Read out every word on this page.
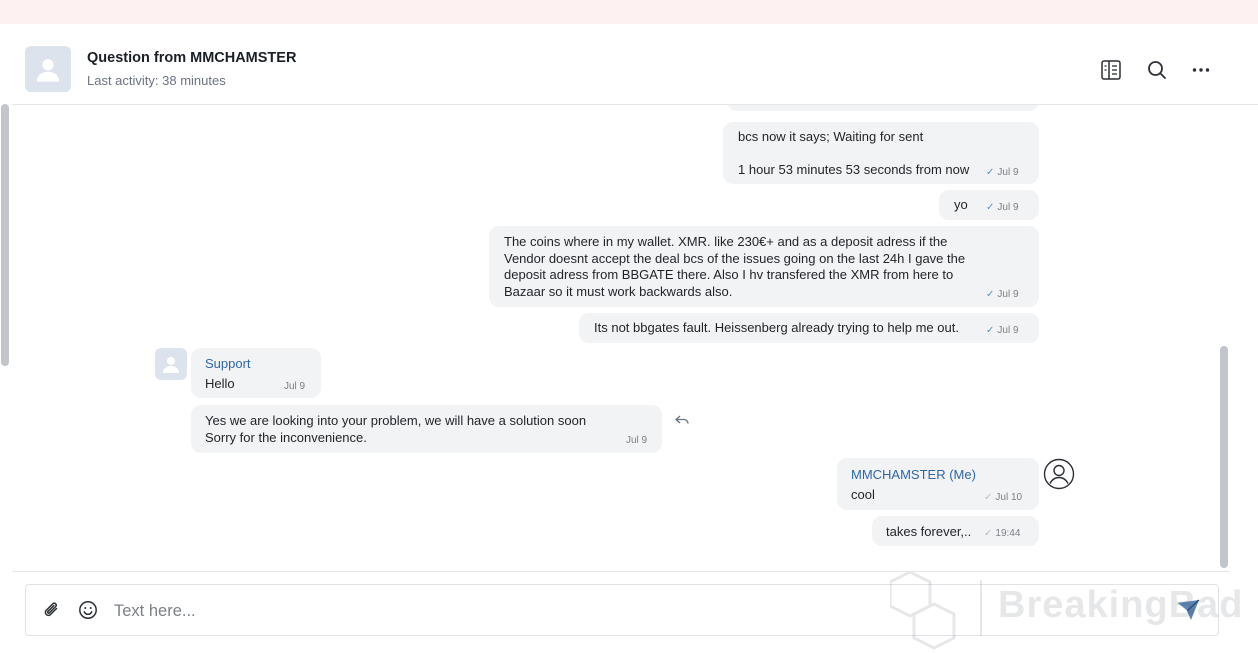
bcs now it says; Waiting for sent
1 hour 53 minutes 53 seconds from now ✓ Jul 9
yo ✓ Jul 9
The coins where in my wallet. XMR. like 230€+ and as a deposit adress if the
Vendor doesnt accept the deal bcs of the issues going on the last 24h I gave the
deposit adress from BBGATE there. Also I hv transfered the XMR from here to
Bazaar so it must work backwards also.	✓ Jul 9
Its not bbgates fault. Heissenberg already trying to help me out.	✓ Jul 9
Support
Hello	Jul 9
Yes we are looking into your problem, we will have a solution soon
Sorry for the inconvenience.	Jul 9
MMCHAMSTER (Me)
cool	✓ Jul 10
takes forever,.. ✓ 19:44
Question from MMCHAMSTER
Last activity: 38 minutes
Text here...
